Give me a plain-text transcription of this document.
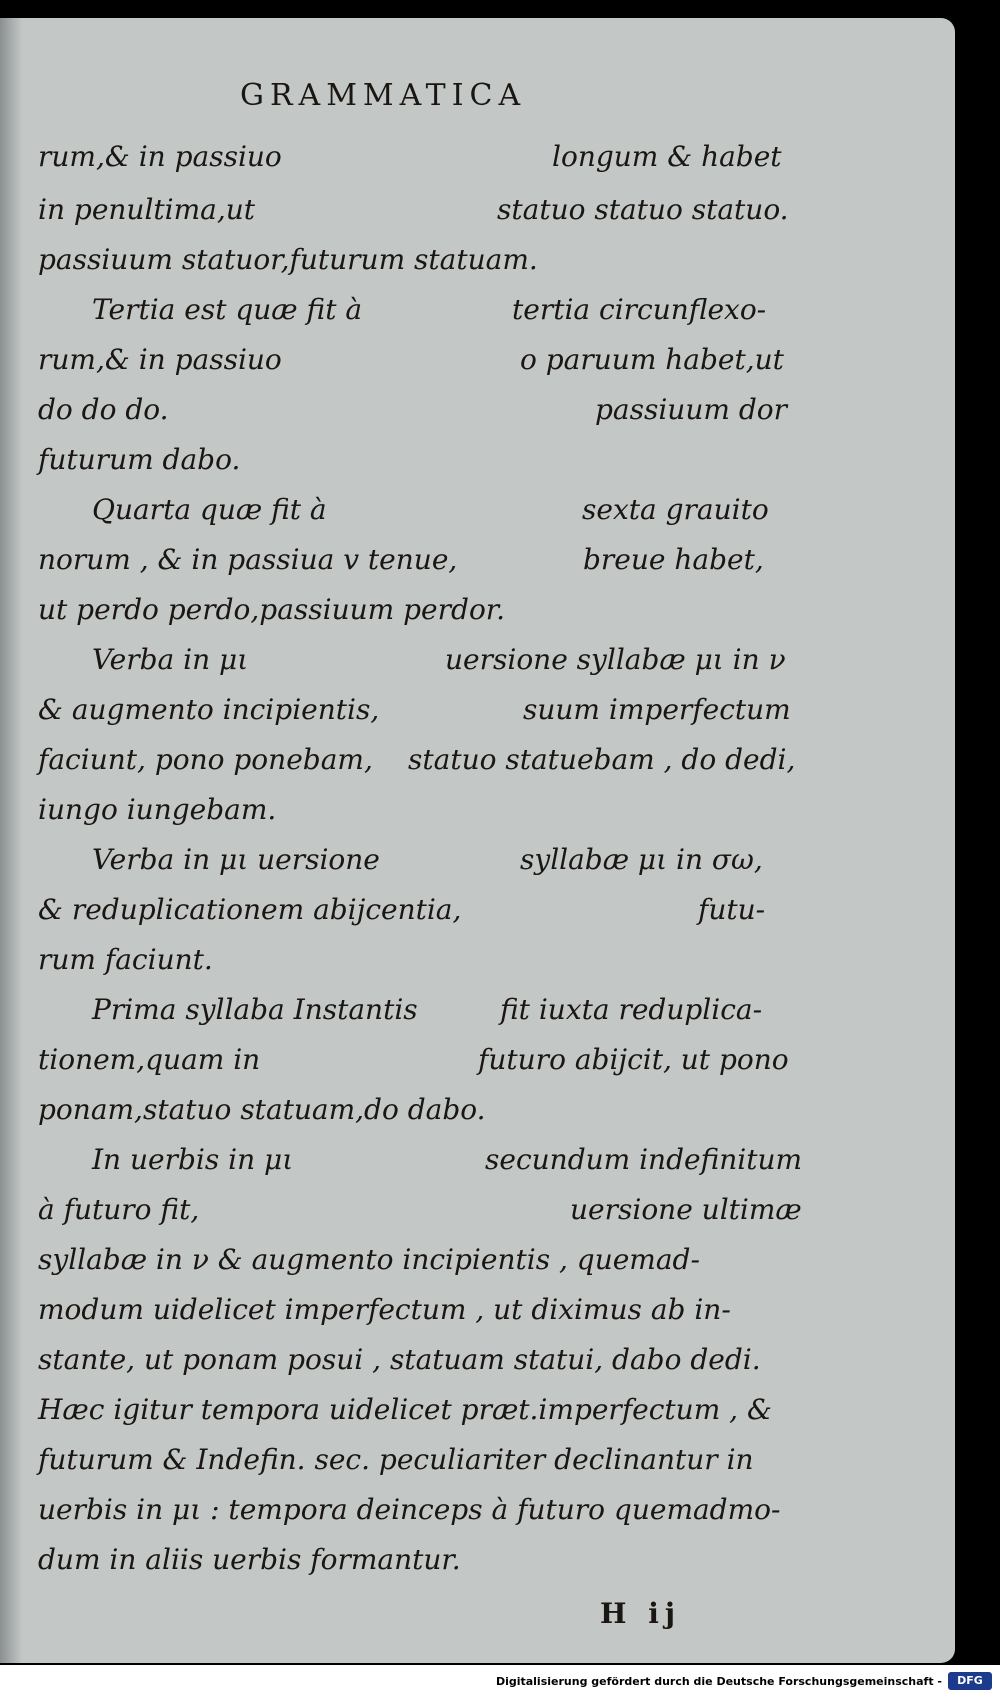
GRAMMATICA
rum,& in passiuo	longum & habet
in penultima,ut	statuo statuo statuo.
passiuum statuor,futurum statuam.
Tertia est quæ fit à	tertia circunflexo-
rum,& in passiuo	o paruum habet,ut
do do do.	passiuum dor
futurum dabo.
Quarta quæ fit à	sexta grauito
norum , & in passiua v tenue,	breue habet,
ut perdo perdo,passiuum perdor.
Verba in μι	uersione syllabæ μι in ν
& augmento incipientis,	suum imperfectum
faciunt, pono ponebam, statuo statuebam , do dedi,
iungo iungebam.
Verba in μι uersione	syllabæ μι in σω,
& reduplicationem abijcentia,	futu-
rum faciunt.
Prima syllaba Instantis	fit iuxta reduplica-
tionem,quam in	futuro abijcit, ut pono
ponam,statuo statuam,do dabo.
In uerbis in μι	secundum indefinitum
à futuro fit,	uersione ultimæ
syllabæ in ν & augmento incipientis , quemad-
modum uidelicet imperfectum , ut diximus ab in-
stante, ut ponam posui , statuam statui, dabo dedi.
Hæc igitur tempora uidelicet præt.imperfectum , &
futurum & Indefin. sec. peculiariter declinantur in
uerbis in μι : tempora deinceps à futuro quemadmo-
dum in aliis uerbis formantur.
H ij
Digitalisierung gefördert durch die Deutsche Forschungsgemeinschaft -	DFG
